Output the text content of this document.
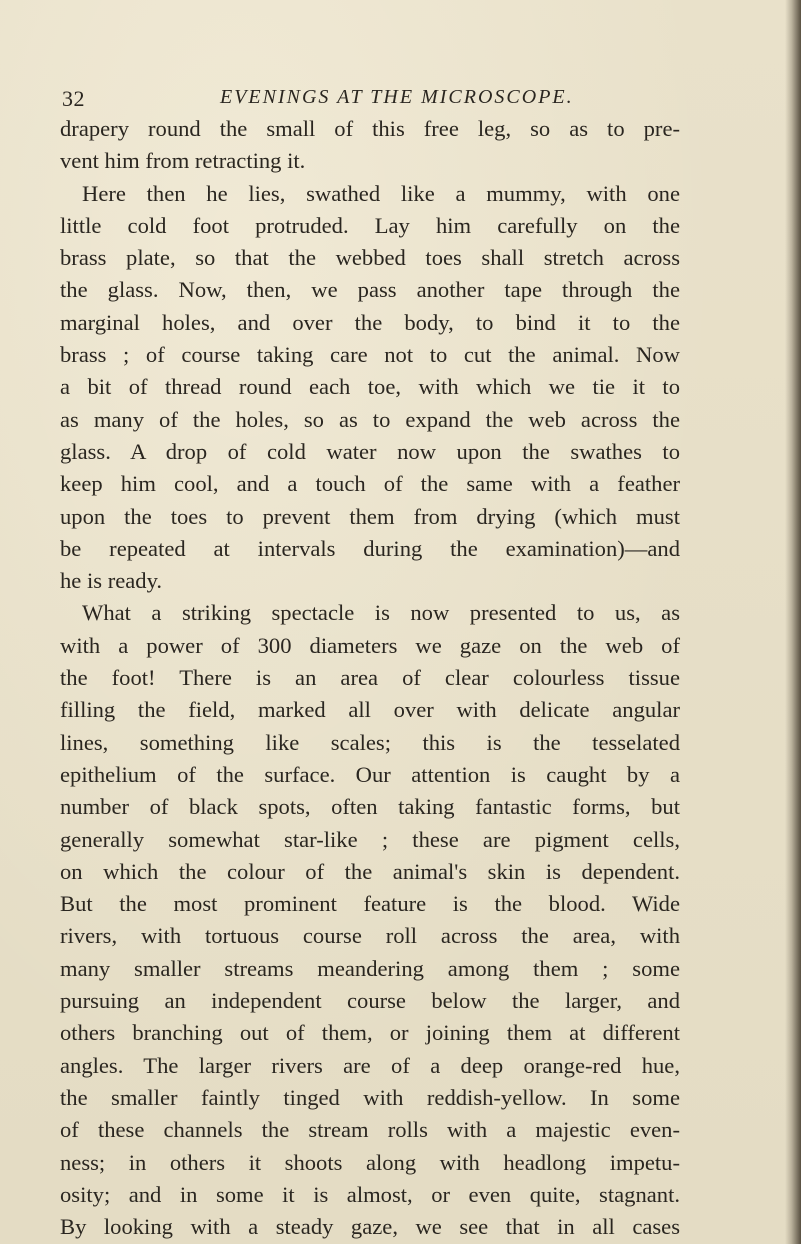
32	EVENINGS AT THE MICROSCOPE.
drapery round the small of this free leg, so as to pre-
vent him from retracting it.
Here then he lies, swathed like a mummy, with one
little cold foot protruded. Lay him carefully on the
brass plate, so that the webbed toes shall stretch across
the glass. Now, then, we pass another tape through the
marginal holes, and over the body, to bind it to the
brass ; of course taking care not to cut the animal. Now
a bit of thread round each toe, with which we tie it to
as many of the holes, so as to expand the web across the
glass. A drop of cold water now upon the swathes to
keep him cool, and a touch of the same with a feather
upon the toes to prevent them from drying (which must
be repeated at intervals during the examination)—and
he is ready.
What a striking spectacle is now presented to us, as
with a power of 300 diameters we gaze on the web of
the foot! There is an area of clear colourless tissue
filling the field, marked all over with delicate angular
lines, something like scales; this is the tesselated
epithelium of the surface. Our attention is caught by a
number of black spots, often taking fantastic forms, but
generally somewhat star-like ; these are pigment cells,
on which the colour of the animal's skin is dependent.
But the most prominent feature is the blood. Wide
rivers, with tortuous course roll across the area, with
many smaller streams meandering among them ; some
pursuing an independent course below the larger, and
others branching out of them, or joining them at different
angles. The larger rivers are of a deep orange-red hue,
the smaller faintly tinged with reddish-yellow. In some
of these channels the stream rolls with a majestic even-
ness; in others it shoots along with headlong impetu-
osity; and in some it is almost, or even quite, stagnant.
By looking with a steady gaze, we see that in all cases
